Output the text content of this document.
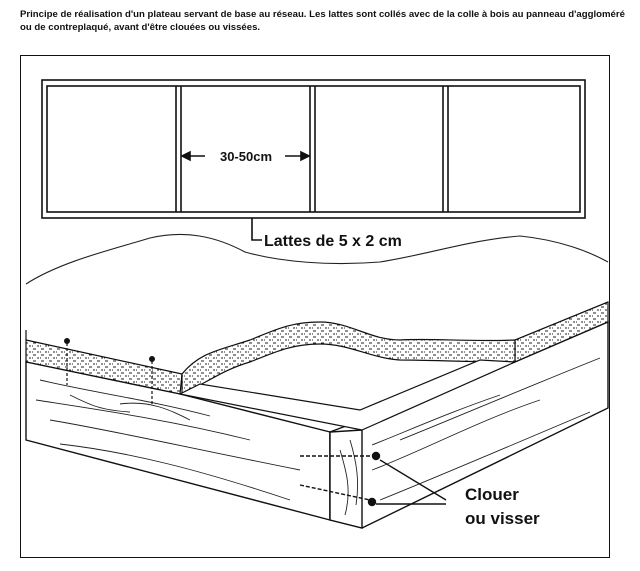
Principe de réalisation d'un plateau servant de base au réseau. Les lattes sont collés avec de la colle à bois au panneau d'aggloméré ou de contreplaqué, avant d'être clouées ou vissées.
30-50cm
Lattes de 5 x 2 cm
Clouer
ou visser
